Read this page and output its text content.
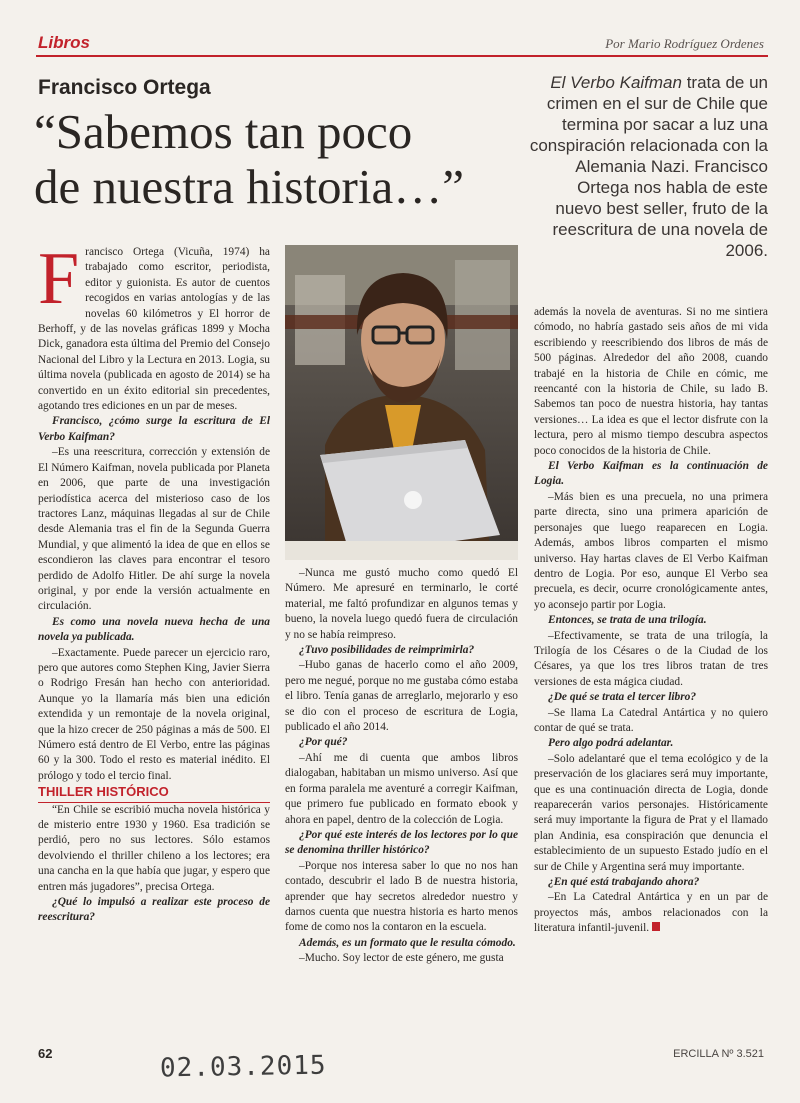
Libros	Por Mario Rodríguez Ordenes
Francisco Ortega
“Sabemos tan poco
de nuestra historia…”
El Verbo Kaifman trata de un crimen en el sur de Chile que termina por sacar a luz una conspiración relacionada con la Alemania Nazi. Francisco Ortega nos habla de este nuevo best seller, fruto de la reescritura de una novela de 2006.

Francisco Ortega (Vicuña, 1974) ha trabajado como escritor, periodista, editor y guionista. Es autor de cuentos recogidos en varias antologías y de las novelas 60 kilómetros y El horror de Berhoff, y de las novelas gráficas 1899 y Mocha Dick, ganadora esta última del Premio del Consejo Nacional del Libro y la Lectura en 2013. Logia, su última novela (publicada en agosto de 2014) se ha convertido en un éxito editorial sin precedentes, agotando tres ediciones en un par de meses.

Francisco, ¿cómo surge la escritura de El Verbo Kaifman?

–Es una reescritura, corrección y extensión de El Número Kaifman, novela publicada por Planeta en 2006, que parte de una investigación periodística acerca del misterioso caso de los tractores Lanz, máquinas llegadas al sur de Chile desde Alemania tras el fin de la Segunda Guerra Mundial, y que alimentó la idea de que en ellos se escondieron las claves para encontrar el tesoro perdido de Adolfo Hitler. De ahí surge la novela original, y por ende la versión actualmente en circulación.

Es como una novela nueva hecha de una novela ya publicada.

–Exactamente. Puede parecer un ejercicio raro, pero que autores como Stephen King, Javier Sierra o Rodrigo Fresán han hecho con anterioridad. Aunque yo la llamaría más bien una edición extendida y un remontaje de la novela original, que la hizo crecer de 250 páginas a más de 500. El Número está dentro de El Verbo, entre las páginas 60 y la 300. Todo el resto es material inédito. El prólogo y todo el tercio final.

THILLER HISTÓRICO

“En Chile se escribió mucha novela histórica y de misterio entre 1930 y 1960. Esa tradición se perdió, pero no sus lectores. Sólo estamos devolviendo el thriller chileno a los lectores; era una cancha en la que había que jugar, y espero que entren más jugadores”, precisa Ortega.

¿Qué lo impulsó a realizar este proceso de reescritura?

–Nunca me gustó mucho como quedó El Número. Me apresuré en terminarlo, le corté material, me faltó profundizar en algunos temas y bueno, la novela luego quedó fuera de circulación y no se había reimpreso.

¿Tuvo posibilidades de reimprimirla?

–Hubo ganas de hacerlo como el año 2009, pero me negué, porque no me gustaba cómo estaba el libro. Tenía ganas de arreglarlo, mejorarlo y eso se dio con el proceso de escritura de Logia, publicado el año 2014.

¿Por qué?

–Ahí me di cuenta que ambos libros dialogaban, habitaban un mismo universo. Así que en forma paralela me aventuré a corregir Kaifman, que primero fue publicado en formato ebook y ahora en papel, dentro de la colección de Logia.

¿Por qué este interés de los lectores por lo que se denomina thriller histórico?

–Porque nos interesa saber lo que no nos han contado, descubrir el lado B de nuestra historia, aprender que hay secretos alrededor nuestro y darnos cuenta que nuestra historia es harto menos fome de como nos la contaron en la escuela.

Además, es un formato que le resulta cómodo.

–Mucho. Soy lector de este género, me gusta

además la novela de aventuras. Si no me sintiera cómodo, no habría gastado seis años de mi vida escribiendo y reescribiendo dos libros de más de 500 páginas. Alrededor del año 2008, cuando trabajé en la historia de Chile en cómic, me reencanté con la historia de Chile, su lado B. Sabemos tan poco de nuestra historia, hay tantas versiones… La idea es que el lector disfrute con la lectura, pero al mismo tiempo descubra aspectos poco conocidos de la historia de Chile.

El Verbo Kaifman es la continuación de Logia.

–Más bien es una precuela, no una primera parte directa, sino una primera aparición de personajes que luego reaparecen en Logia. Además, ambos libros comparten el mismo universo. Hay hartas claves de El Verbo Kaifman dentro de Logia. Por eso, aunque El Verbo sea precuela, es decir, ocurre cronológicamente antes, yo aconsejo partir por Logia.

Entonces, se trata de una trilogía.

–Efectivamente, se trata de una trilogía, la Trilogía de los Césares o de la Ciudad de los Césares, ya que los tres libros tratan de tres versiones de esta mágica ciudad.

¿De qué se trata el tercer libro?

–Se llama La Catedral Antártica y no quiero contar de qué se trata.

Pero algo podrá adelantar.

–Solo adelantaré que el tema ecológico y de la preservación de los glaciares será muy importante, que es una continuación directa de Logia, donde reaparecerán varios personajes. Históricamente será muy importante la figura de Prat y el llamado plan Andinia, esa conspiración que denuncia el establecimiento de un supuesto Estado judío en el sur de Chile y Argentina será muy importante.

¿En qué está trabajando ahora?

–En La Catedral Antártica y en un par de proyectos más, ambos relacionados con la literatura infantil-juvenil.

62	02.03.2015	ERCILLA Nº 3.521
